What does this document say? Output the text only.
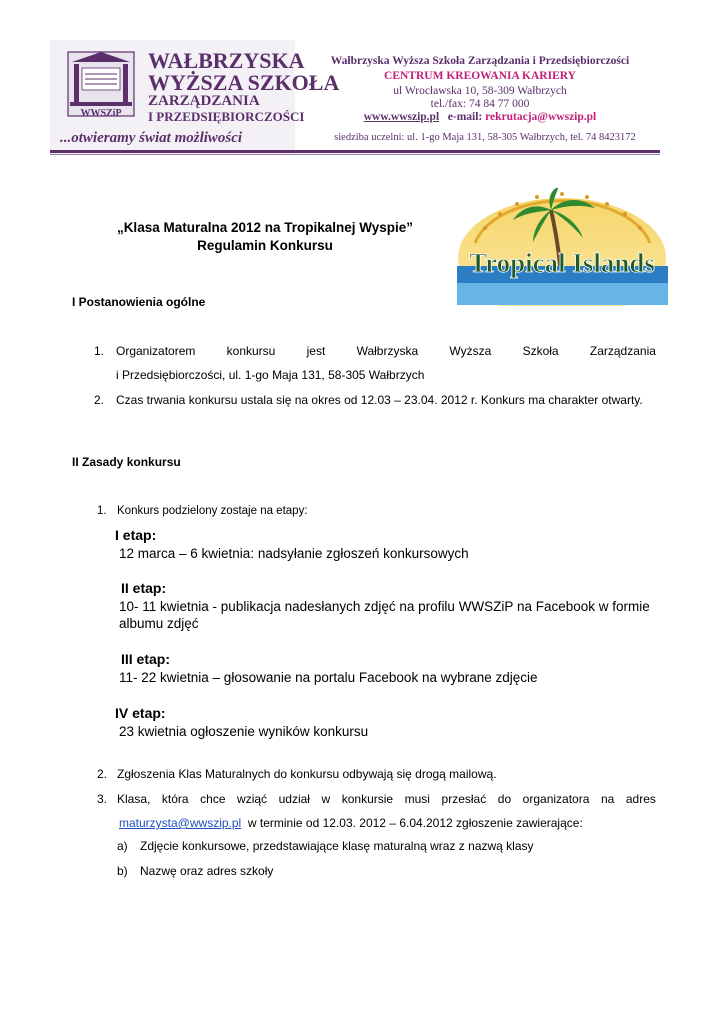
WWSZiP
WAŁBRZYSKA
WYŻSZA SZKOŁA
ZARZĄDZANIA
I PRZEDSIĘBIORCZOŚCI
...otwieramy świat możliwości
Wałbrzyska Wyższa Szkoła Zarządzania i Przedsiębiorczości
CENTRUM KREOWANIA KARIERY
ul Wrocławska 10, 58-309 Wałbrzych
tel./fax: 74 84 77 000
www.wwszip.pl e-mail: rekrutacja@wwszip.pl
siedziba uczelni: ul. 1-go Maja 131, 58-305 Wałbrzych, tel. 74 8423172
„Klasa Maturalna 2012 na Tropikalnej Wyspie”
Regulamin Konkursu
Tropical Islands
I Postanowienia ogólne
1. Organizatorem	konkursu	jest	Wałbrzyska	Wyższa	Szkoła	Zarządzania
i Przedsiębiorczości, ul. 1-go Maja 131, 58-305 Wałbrzych
2. Czas trwania konkursu ustala się na okres od 12.03 – 23.04. 2012 r. Konkurs ma charakter otwarty.
II Zasady konkursu
1. Konkurs podzielony zostaje na etapy:
I etap:
12 marca – 6 kwietnia: nadsyłanie zgłoszeń konkursowych
II etap:
10- 11 kwietnia - publikacja nadesłanych zdjęć na profilu WWSZiP na Facebook w formie
albumu zdjęć
III etap:
11- 22 kwietnia – głosowanie na portalu Facebook na wybrane zdjęcie
IV etap:
23 kwietnia ogłoszenie wyników konkursu
2. Zgłoszenia Klas Maturalnych do konkursu odbywają się drogą mailową.
3. Klasa, która chce wziąć udział w konkursie musi przesłać do organizatora na adres
maturzysta@wwszip.pl w terminie od 12.03. 2012 – 6.04.2012 zgłoszenie zawierające:
a) Zdjęcie konkursowe, przedstawiające klasę maturalną wraz z nazwą klasy
b) Nazwę oraz adres szkoły
